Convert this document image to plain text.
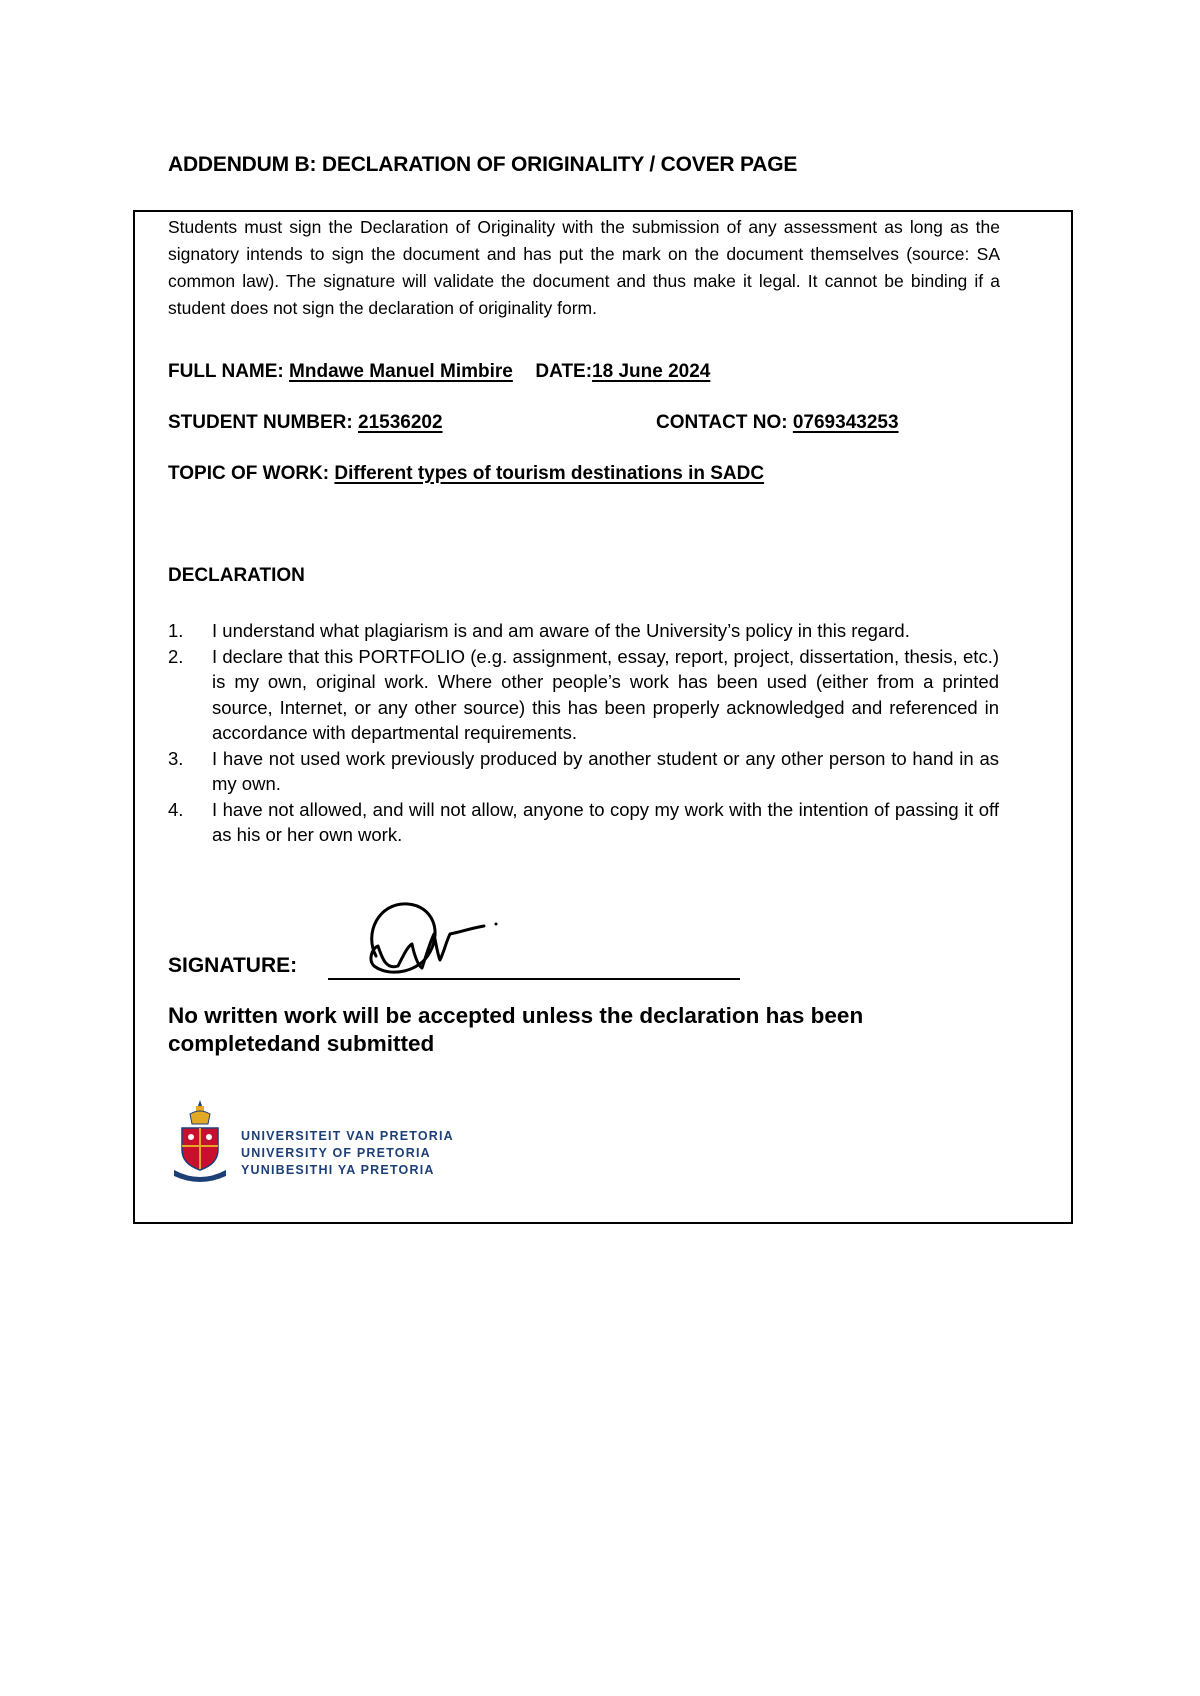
ADDENDUM B: DECLARATION OF ORIGINALITY / COVER PAGE
Students must sign the Declaration of Originality with the submission of any assessment as long as the signatory intends to sign the document and has put the mark on the document themselves (source: SA common law). The signature will validate the document and thus make it legal. It cannot be binding if a student does not sign the declaration of originality form.
FULL NAME: Mndawe Manuel Mimbire DATE:18 June 2024
STUDENT NUMBER: 21536202	CONTACT NO: 0769343253
TOPIC OF WORK: Different types of tourism destinations in SADC
DECLARATION
1. I understand what plagiarism is and am aware of the University’s policy in this regard.
2. I declare that this PORTFOLIO (e.g. assignment, essay, report, project, dissertation, thesis, etc.) is my own, original work. Where other people’s work has been used (either from a printed source, Internet, or any other source) this has been properly acknowledged and referenced in accordance with departmental requirements.
3. I have not used work previously produced by another student or any other person to hand in as my own.
4. I have not allowed, and will not allow, anyone to copy my work with the intention of passing it off as his or her own work.
SIGNATURE:
No written work will be accepted unless the declaration has been completedand submitted
UNIVERSITEIT VAN PRETORIA
UNIVERSITY OF PRETORIA
YUNIBESITHI YA PRETORIA
